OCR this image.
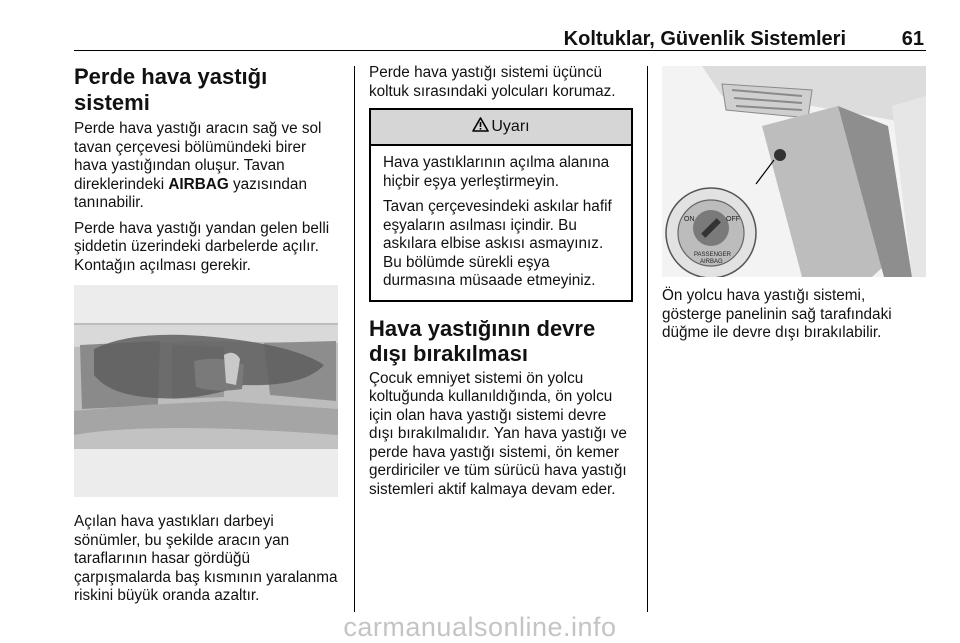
Koltuklar, Güvenlik Sistemleri	61
Perde hava yastığı sistemi

Perde hava yastığı aracın sağ ve sol tavan çerçevesi bölümündeki birer hava yastığından oluşur. Tavan direklerindeki AIRBAG yazısından tanınabilir.

Perde hava yastığı yandan gelen belli şiddetin üzerindeki darbelerde açılır. Kontağın açılması gerekir.

Açılan hava yastıkları darbeyi sönümler, bu şekilde aracın yan taraflarının hasar gördüğü çarpışmalarda baş kısmının yaralanma riskini büyük oranda azaltır.

Perde hava yastığı sistemi üçüncü koltuk sırasındaki yolcuları korumaz.

Uyarı

Hava yastıklarının açılma alanına hiçbir eşya yerleştirmeyin.

Tavan çerçevesindeki askılar hafif eşyaların asılması içindir. Bu askılara elbise askısı asmayınız. Bu bölümde sürekli eşya durmasına müsaade etmeyiniz.

Hava yastığının devre dışı bırakılması

Çocuk emniyet sistemi ön yolcu koltuğunda kullanıldığında, ön yolcu için olan hava yastığı sistemi devre dışı bırakılmalıdır. Yan hava yastığı ve perde hava yastığı sistemi, ön kemer gerdiriciler ve tüm sürücü hava yastığı sistemleri aktif kalmaya devam eder.

ON	OFF
PASSENGER
AIRBAG

Ön yolcu hava yastığı sistemi, gösterge panelinin sağ tarafındaki düğme ile devre dışı bırakılabilir.

carmanualsonline.info
